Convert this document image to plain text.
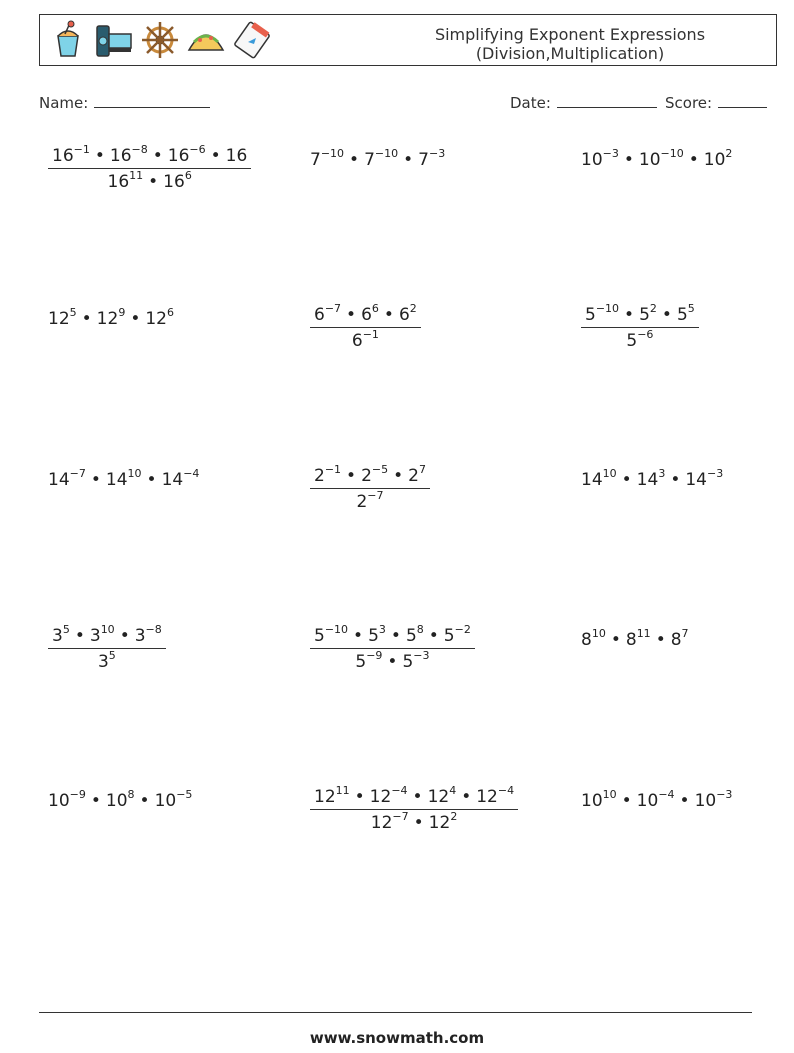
Simplifying Exponent Expressions
(Division,Multiplication)
Name:	Date:	Score:
$\frac{16^{-1} • 16^{-8} • 16^{-6} • 16}{16^{11} • 16^6}$	$7^{-10}$ • $7^{-10}$ • $7^{-3}$	$10^{-3}$ • $10^{-10}$ • $10^2$
$12^5$ • $12^9$ • $12^6$	$\frac{6^{-7} • 6^6 • 6^2}{6^{-1}}$	$\frac{5^{-10} • 5^2 • 5^5}{5^{-6}}$
$14^{-7}$ • $14^{10}$ • $14^{-4}$	$\frac{2^{-1} • 2^{-5} • 2^7}{2^{-7}}$	$14^{10}$ • $14^3$ • $14^{-3}$
$\frac{3^5 • 3^{10} • 3^{-8}}{3^5}$	$\frac{5^{-10} • 5^3 • 5^8 • 5^{-2}}{5^{-9} • 5^{-3}}$	$8^{10}$ • $8^{11}$ • $8^7$
$10^{-9}$ • $10^8$ • $10^{-5}$	$\frac{12^{11} • 12^{-4} • 12^4 • 12^{-4}}{12^{-7} • 12^2}$	$10^{10}$ • $10^{-4}$ • $10^{-3}$
www.snowmath.com
